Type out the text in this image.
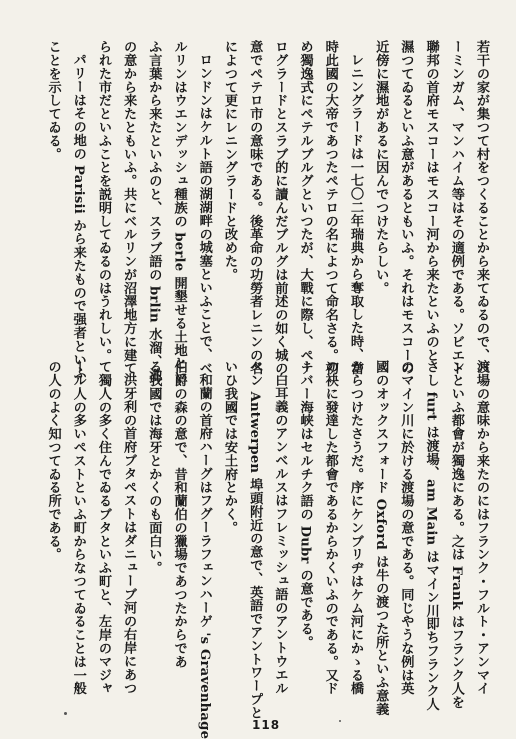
若干の家が集つて村をつくることから来てゐるので、バ

ーミンガム、マンハイム等はその適例である。ソビエト

聯邦の首府モスコーはモスコー河から来たといふのと

濕つてゐるといふ意があるともいふ。それはモスコーの

近傍に濕地があるに因んでつけたらしい。

レニングラードは一七〇二年瑞典から奪取した時、當

時此國の大帝であつたペテロの名によつて命名さる。初

め獨逸式にペテルブルグといつたが、大戰に際し、ペテ

ログラードとスラブ的に讀んだブルグは前述の如く城の

意でペテロ市の意味である。後革命の功勞者レニンの名

によつて更にレニングラードと改めた。

ロンドンはケルト語の湖湖畔の城塞といふことで、ベ

ルリンはウエンデッシュ種族の berle 開墾せる土地とい

ふ言葉から来たといふのと、スラブ語の brlin 水溜、池

の意から来たともいふ。共にベルリンが沼澤地方に建て

られた市だといふことを説明してゐるのはうれしい。

パリーはその地の Parisii から来たもので强者といふ

ことを示してゐる。

渡場の意味から来たのにはフランク・フルト・アンマイ

ンといふ都會が獨逸にある。之は Frank はフランク人を

さし furt は渡場、am Main はマイン川即ちフランク人

のマイン川に於ける渡場の意である。同じやうな例は英

國のオックスフォード Oxford は牛の渡つた所といふ意義

からつけたさうだ。序にケンブリヂはケム河にかゝる橋

の袂に發達した都會であるからかくいふのである。又ド

ーバー海峡はセルチク語の Dubr の意である。

白耳義のアンベルスはフレミッシュ語のアントウエル

ペン Antwerpen 埠頭附近の意で、英語でアントワープと

いひ我國では安土府とかく。

和蘭の首府ハーグはフグーラフェンハーゲ 's Gravenhage

伯爵の森の意で、昔和蘭伯の獵場であつたからであ

る我國では海牙とかくのも面白い。

洪牙利の首府ブタペストはダニューブ河の右岸にあつ

て獨人の多く住んでゐるブタといふ町と、左岸のマジャ

ール人の多いペストといふ町からなつてゐることは一般

の人のよく知つてゐる所である。

118
